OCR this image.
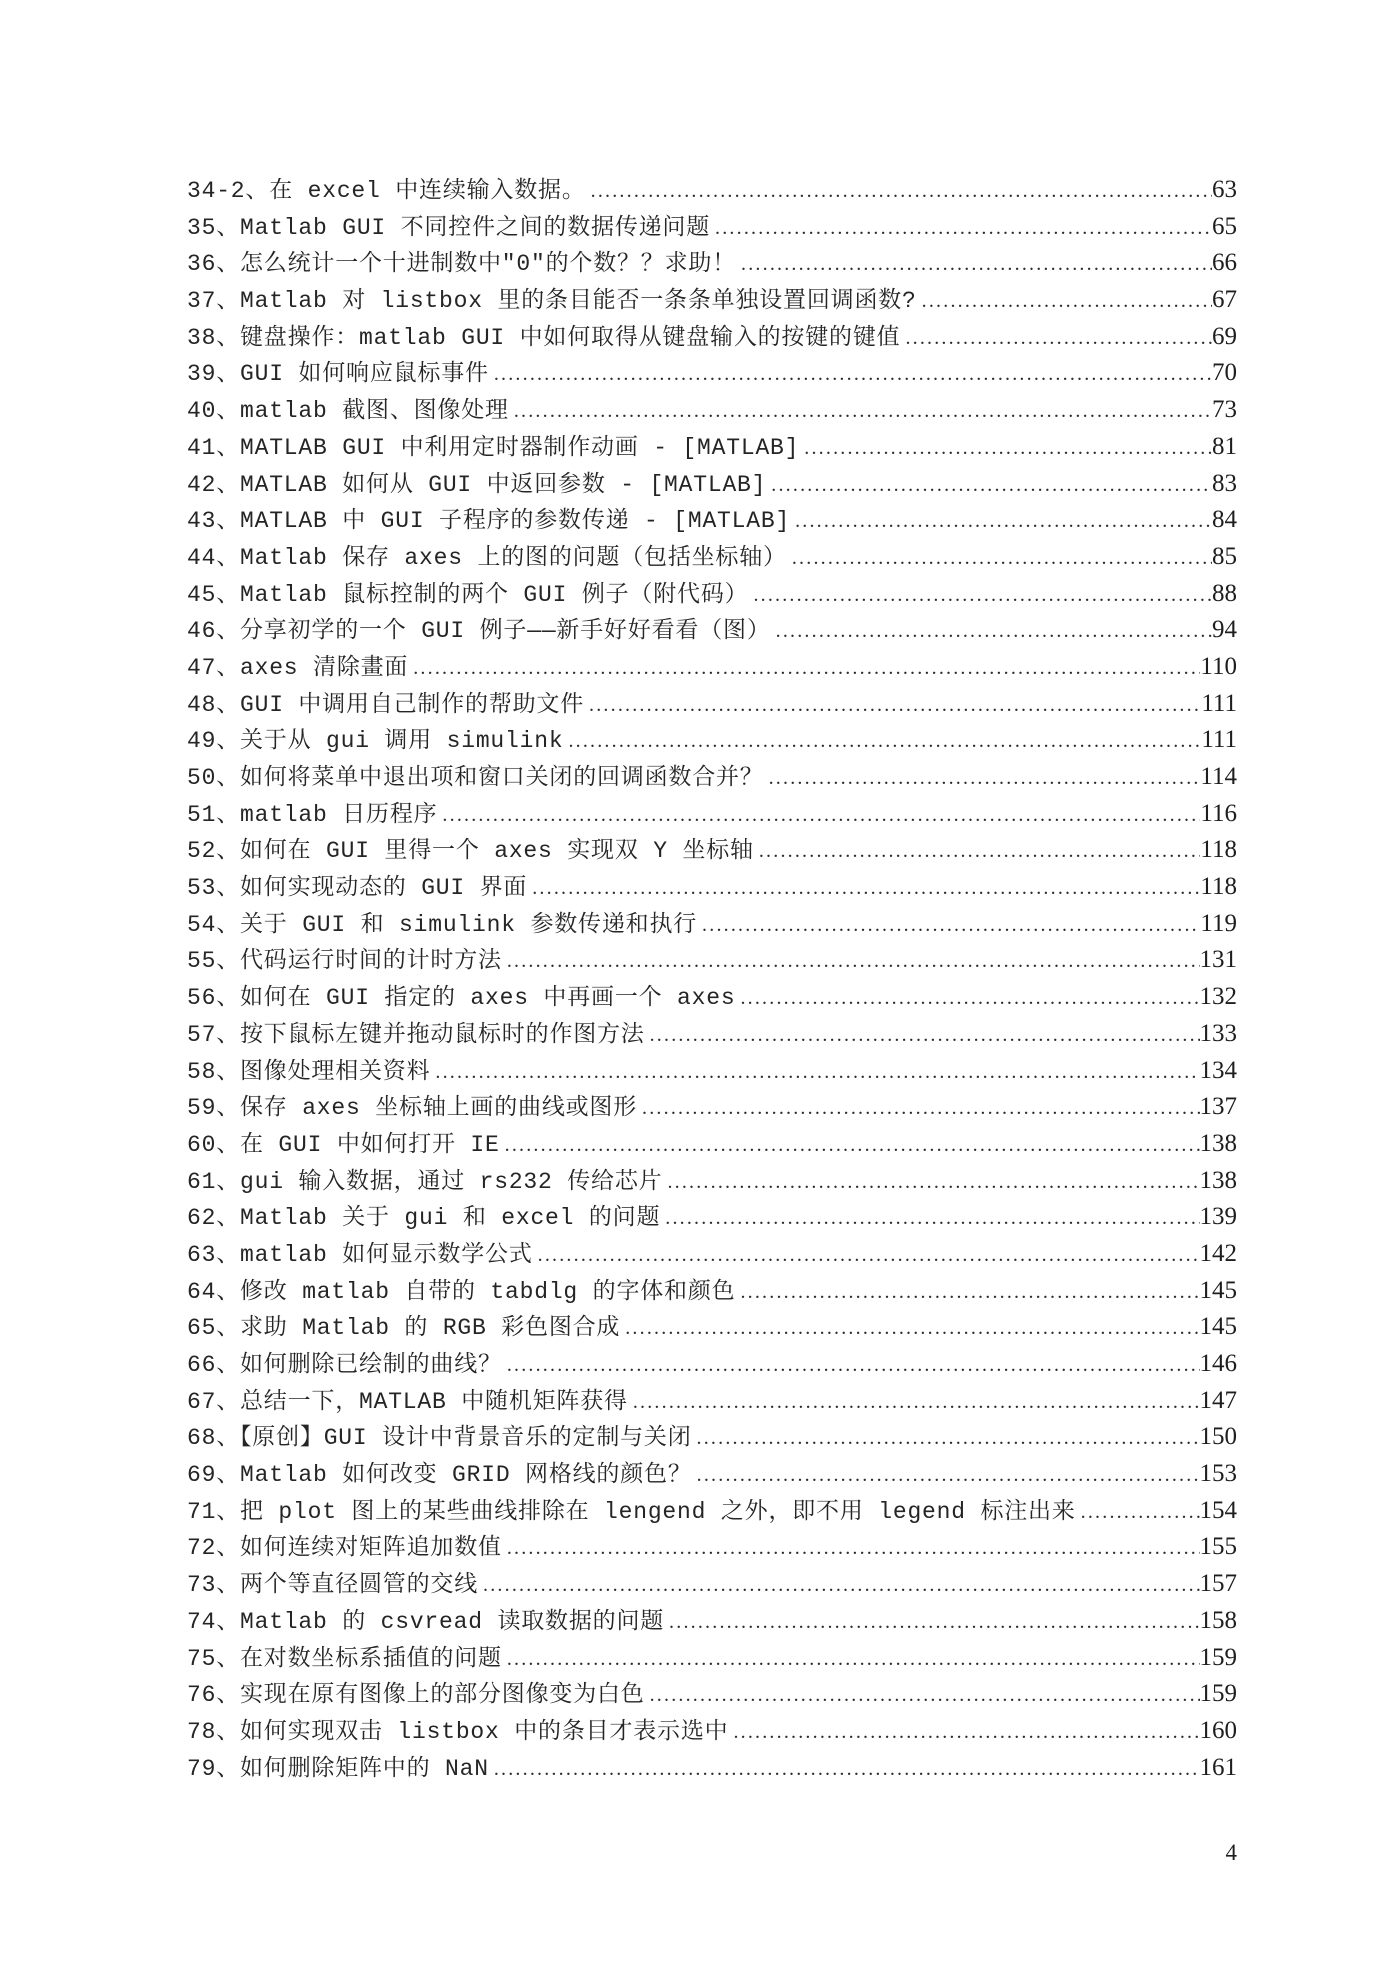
34-2、在 excel 中连续输入数据。 .....	63
35、Matlab GUI 不同控件之间的数据传递问题 .....	65
36、怎么统计一个十进制数中"0"的个数？？求助！ .....	66
37、Matlab 对 listbox 里的条目能否一条条单独设置回调函数? .....	67
38、键盘操作：matlab GUI 中如何取得从键盘输入的按键的键值 .....	69
39、GUI 如何响应鼠标事件 .....	70
40、matlab 截图、图像处理 .....	73
41、MATLAB GUI 中利用定时器制作动画 - [MATLAB] .....	81
42、MATLAB 如何从 GUI 中返回参数 - [MATLAB] .....	83
43、MATLAB 中 GUI 子程序的参数传递 - [MATLAB] .....	84
44、Matlab 保存 axes 上的图的问题（包括坐标轴） .....	85
45、Matlab 鼠标控制的两个 GUI 例子（附代码） .....	88
46、分享初学的一个 GUI 例子——新手好好看看（图） .....	94
47、axes 清除畫面 .....	110
48、GUI 中调用自己制作的帮助文件 .....	111
49、关于从 gui 调用 simulink .....	111
50、如何将菜单中退出项和窗口关闭的回调函数合并？ .....	114
51、matlab 日历程序 .....	116
52、如何在 GUI 里得一个 axes 实现双 Y 坐标轴 .....	118
53、如何实现动态的 GUI 界面 .....	118
54、关于 GUI 和 simulink 参数传递和执行 .....	119
55、代码运行时间的计时方法 .....	131
56、如何在 GUI 指定的 axes 中再画一个 axes .....	132
57、按下鼠标左键并拖动鼠标时的作图方法 .....	133
58、图像处理相关资料 .....	134
59、保存 axes 坐标轴上画的曲线或图形 .....	137
60、在 GUI 中如何打开 IE .....	138
61、gui 输入数据，通过 rs232 传给芯片 .....	138
62、Matlab 关于 gui 和 excel 的问题 .....	139
63、matlab 如何显示数学公式 .....	142
64、修改 matlab 自带的 tabdlg 的字体和颜色 .....	145
65、求助 Matlab 的 RGB 彩色图合成 .....	145
66、如何删除已绘制的曲线？ .....	146
67、总结一下，MATLAB 中随机矩阵获得 .....	147
68、【原创】GUI 设计中背景音乐的定制与关闭 .....	150
69、Matlab 如何改变 GRID 网格线的颜色？ .....	153
71、把 plot 图上的某些曲线排除在 lengend 之外，即不用 legend 标注出来 .....	154
72、如何连续对矩阵追加数值 .....	155
73、两个等直径圆管的交线 .....	157
74、Matlab 的 csvread 读取数据的问题 .....	158
75、在对数坐标系插值的问题 .....	159
76、实现在原有图像上的部分图像变为白色 .....	159
78、如何实现双击 listbox 中的条目才表示选中 .....	160
79、如何删除矩阵中的 NaN .....	161
4
